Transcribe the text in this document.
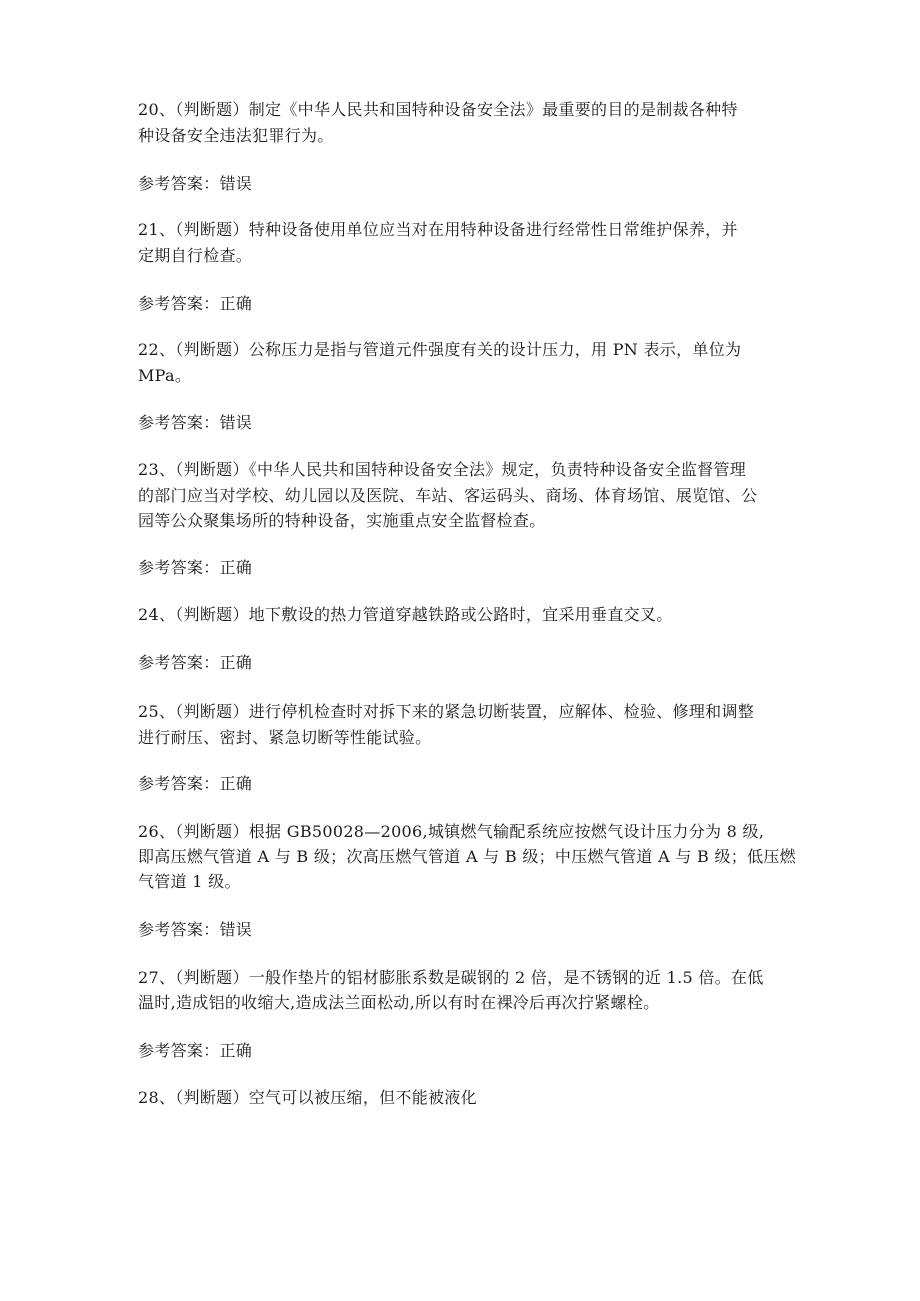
20、（判断题）制定《中华人民共和国特种设备安全法》最重要的目的是制裁各种特
种设备安全违法犯罪行为。
参考答案：错误
21、（判断题）特种设备使用单位应当对在用特种设备进行经常性日常维护保养，并
定期自行检查。
参考答案：正确
22、（判断题）公称压力是指与管道元件强度有关的设计压力，用 PN 表示，单位为
MPa。
参考答案：错误
23、（判断题）《中华人民共和国特种设备安全法》规定，负责特种设备安全监督管理
的部门应当对学校、幼儿园以及医院、车站、客运码头、商场、体育场馆、展览馆、公
园等公众聚集场所的特种设备，实施重点安全监督检查。
参考答案：正确
24、（判断题）地下敷设的热力管道穿越铁路或公路时，宜采用垂直交叉。
参考答案：正确
25、（判断题）进行停机检查时对拆下来的紧急切断装置，应解体、检验、修理和调整
进行耐压、密封、紧急切断等性能试验。
参考答案：正确
26、（判断题）根据 GB50028—2006,城镇燃气输配系统应按燃气设计压力分为 8 级,
即高压燃气管道 A 与 B 级；次高压燃气管道 A 与 B 级；中压燃气管道 A 与 B 级；低压燃
气管道 1 级。
参考答案：错误
27、（判断题）一般作垫片的铝材膨胀系数是碳钢的 2 倍，是不锈钢的近 1.5 倍。在低
温时,造成铝的收缩大,造成法兰面松动,所以有时在裸冷后再次拧紧螺栓。
参考答案：正确
28、（判断题）空气可以被压缩，但不能被液化
